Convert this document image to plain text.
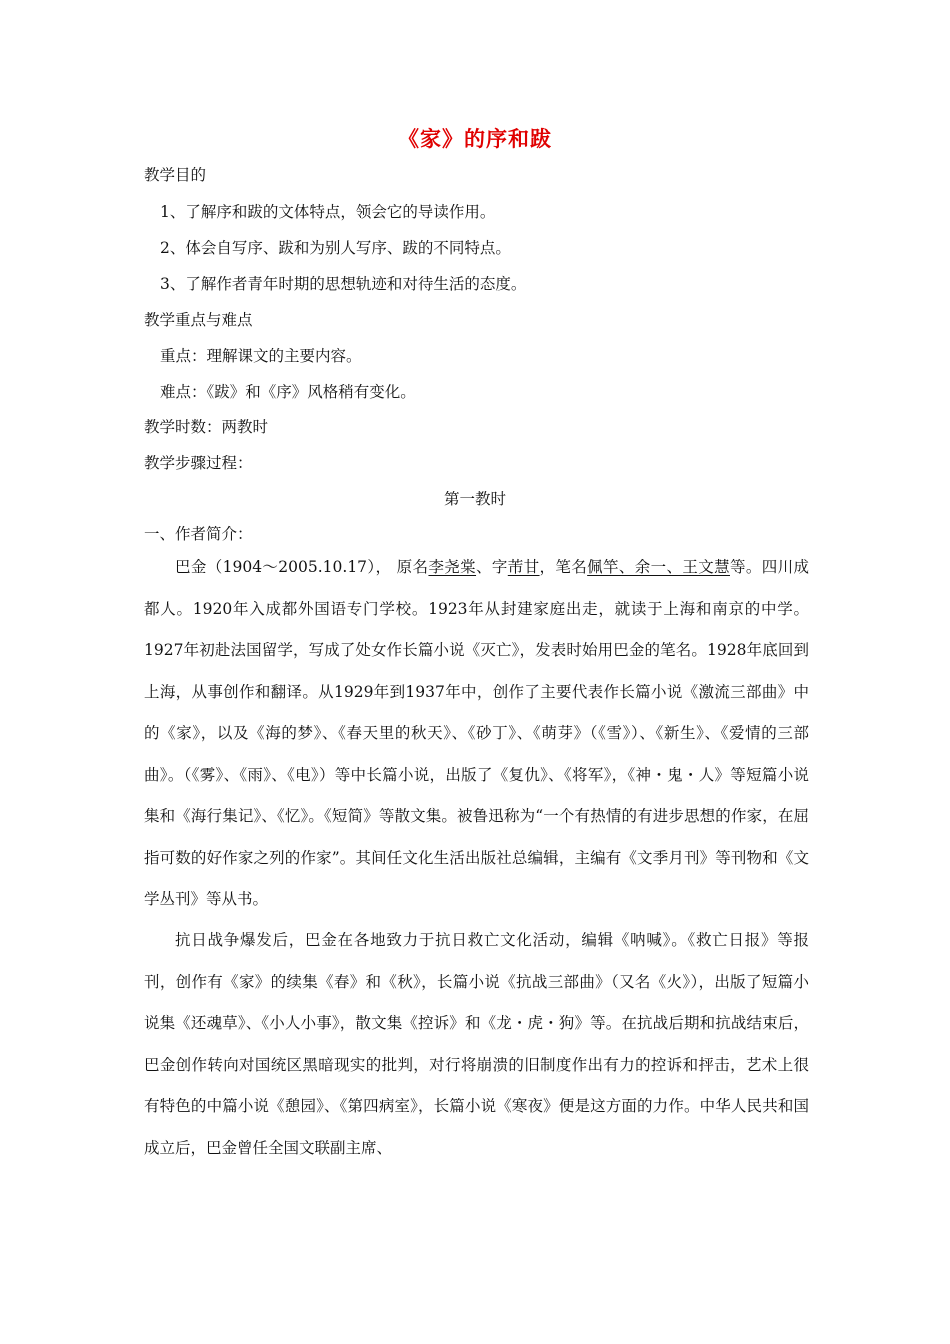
《家》的序和跋
教学目的
1、了解序和跋的文体特点，领会它的导读作用。
2、体会自写序、跋和为别人写序、跋的不同特点。
3、了解作者青年时期的思想轨迹和对待生活的态度。
教学重点与难点
重点：理解课文的主要内容。
难点：《跋》和《序》风格稍有变化。
教学时数：两教时
教学步骤过程：
第一教时
一、作者简介：
巴金（1904～2005.10.17）， 原名李尧棠、字芾甘，笔名佩竿、余一、王文慧等。四川成都人。1920年入成都外国语专门学校。1923年从封建家庭出走，就读于上海和南京的中学。1927年初赴法国留学，写成了处女作长篇小说《灭亡》，发表时始用巴金的笔名。1928年底回到上海，从事创作和翻译。从1929年到1937年中，创作了主要代表作长篇小说《激流三部曲》中的《家》，以及《海的梦》、《春天里的秋天》、《砂丁》、《萌芽》（《雪》）、《新生》、《爱情的三部曲》。（《雾》、《雨》、《电》）等中长篇小说，出版了《复仇》、《将军》，《神・鬼・人》等短篇小说集和《海行集记》、《忆》。《短简》等散文集。被鲁迅称为“一个有热情的有进步思想的作家，在屈指可数的好作家之列的作家”。其间任文化生活出版社总编辑，主编有《文季月刊》等刊物和《文学丛刊》等从书。
抗日战争爆发后，巴金在各地致力于抗日救亡文化活动，编辑《呐喊》。《救亡日报》等报刊，创作有《家》的续集《春》和《秋》，长篇小说《抗战三部曲》（又名《火》），出版了短篇小说集《还魂草》、《小人小事》，散文集《控诉》和《龙・虎・狗》等。在抗战后期和抗战结束后，巴金创作转向对国统区黑暗现实的批判，对行将崩溃的旧制度作出有力的控诉和抨击，艺术上很有特色的中篇小说《憩园》、《第四病室》，长篇小说《寒夜》便是这方面的力作。中华人民共和国成立后，巴金曾任全国文联副主席、
